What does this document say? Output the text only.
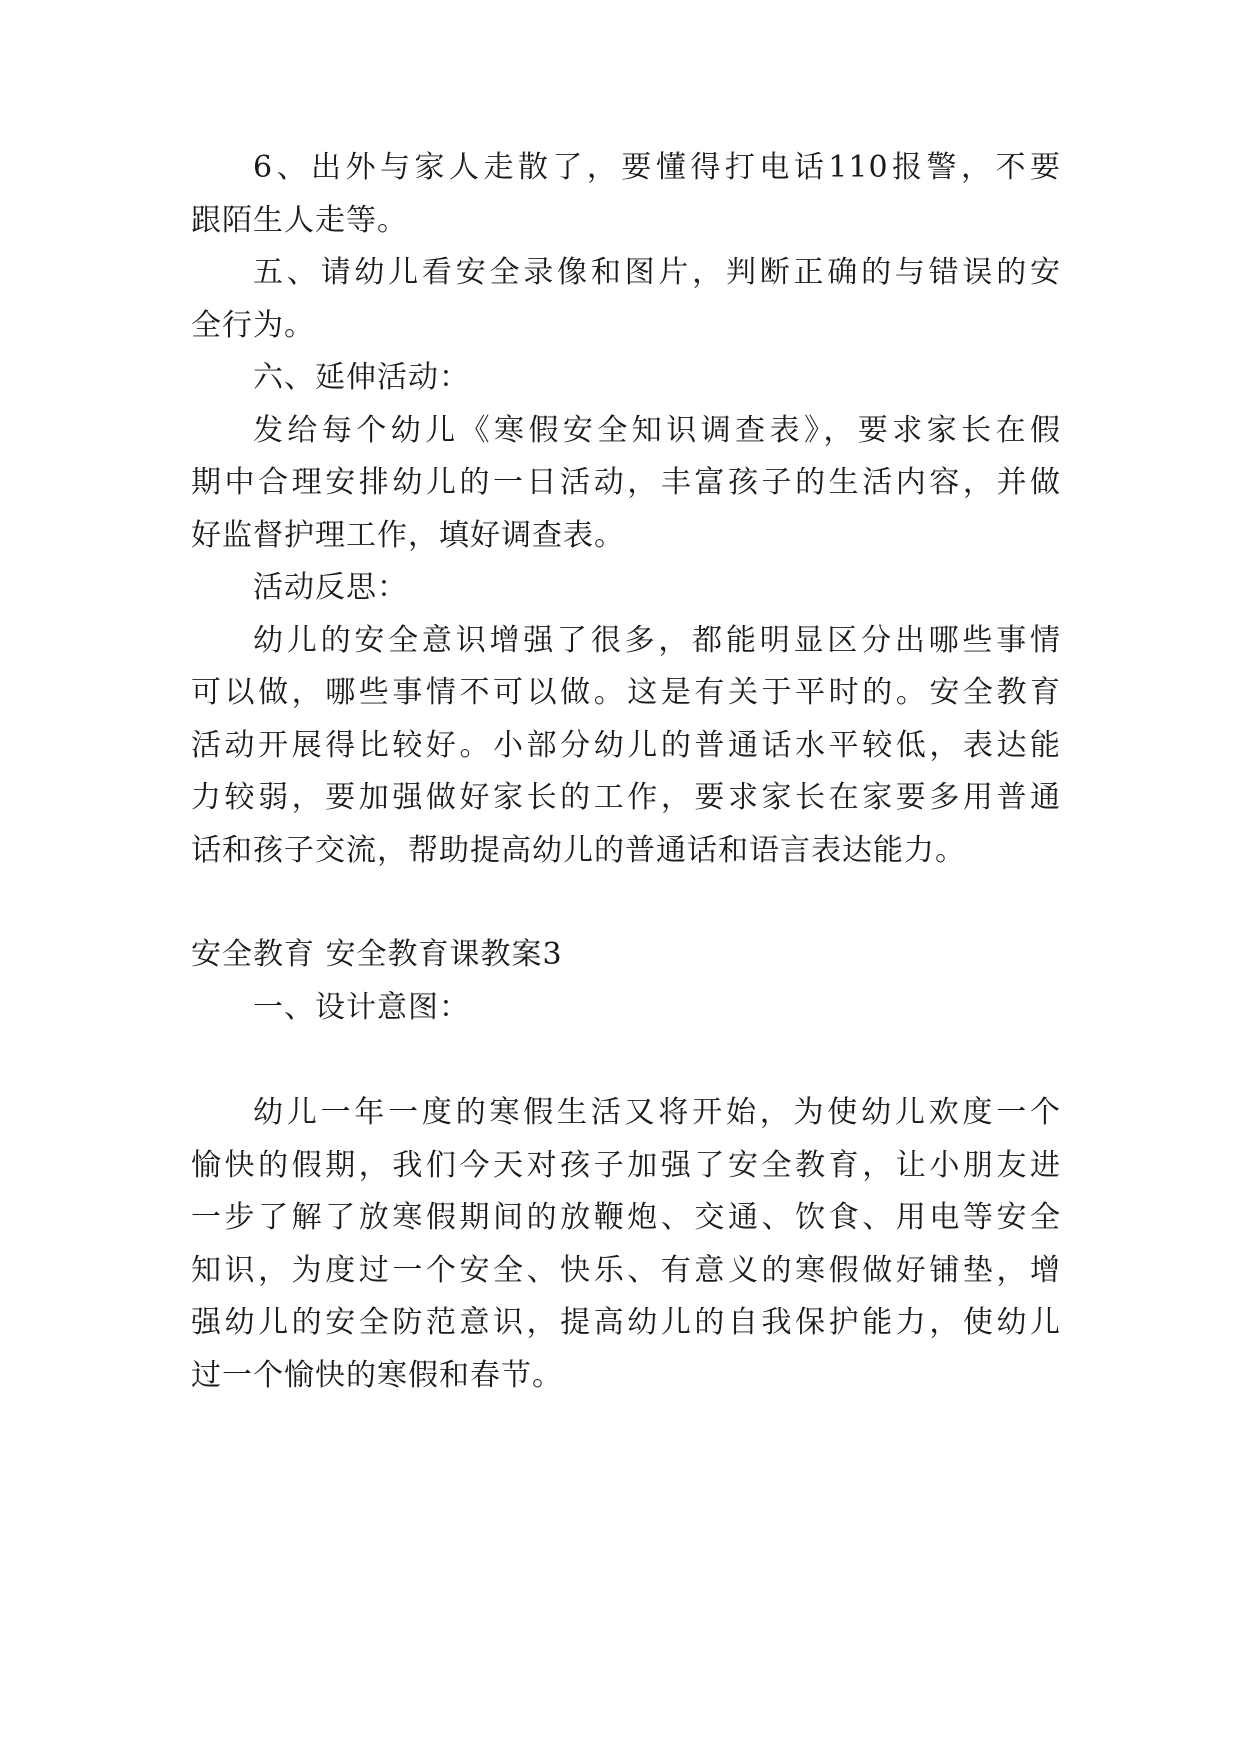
6、出外与家人走散了，要懂得打电话110报警，不要
跟陌生人走等。
五、请幼儿看安全录像和图片，判断正确的与错误的安
全行为。
六、延伸活动：
发给每个幼儿《寒假安全知识调查表》，要求家长在假
期中合理安排幼儿的一日活动，丰富孩子的生活内容，并做
好监督护理工作，填好调查表。
活动反思：
幼儿的安全意识增强了很多，都能明显区分出哪些事情
可以做，哪些事情不可以做。这是有关于平时的。安全教育
活动开展得比较好。小部分幼儿的普通话水平较低，表达能
力较弱，要加强做好家长的工作，要求家长在家要多用普通
话和孩子交流，帮助提高幼儿的普通话和语言表达能力。
安全教育 安全教育课教案3
一、设计意图：
幼儿一年一度的寒假生活又将开始，为使幼儿欢度一个
愉快的假期，我们今天对孩子加强了安全教育，让小朋友进
一步了解了放寒假期间的放鞭炮、交通、饮食、用电等安全
知识，为度过一个安全、快乐、有意义的寒假做好铺垫，增
强幼儿的安全防范意识，提高幼儿的自我保护能力，使幼儿
过一个愉快的寒假和春节。
